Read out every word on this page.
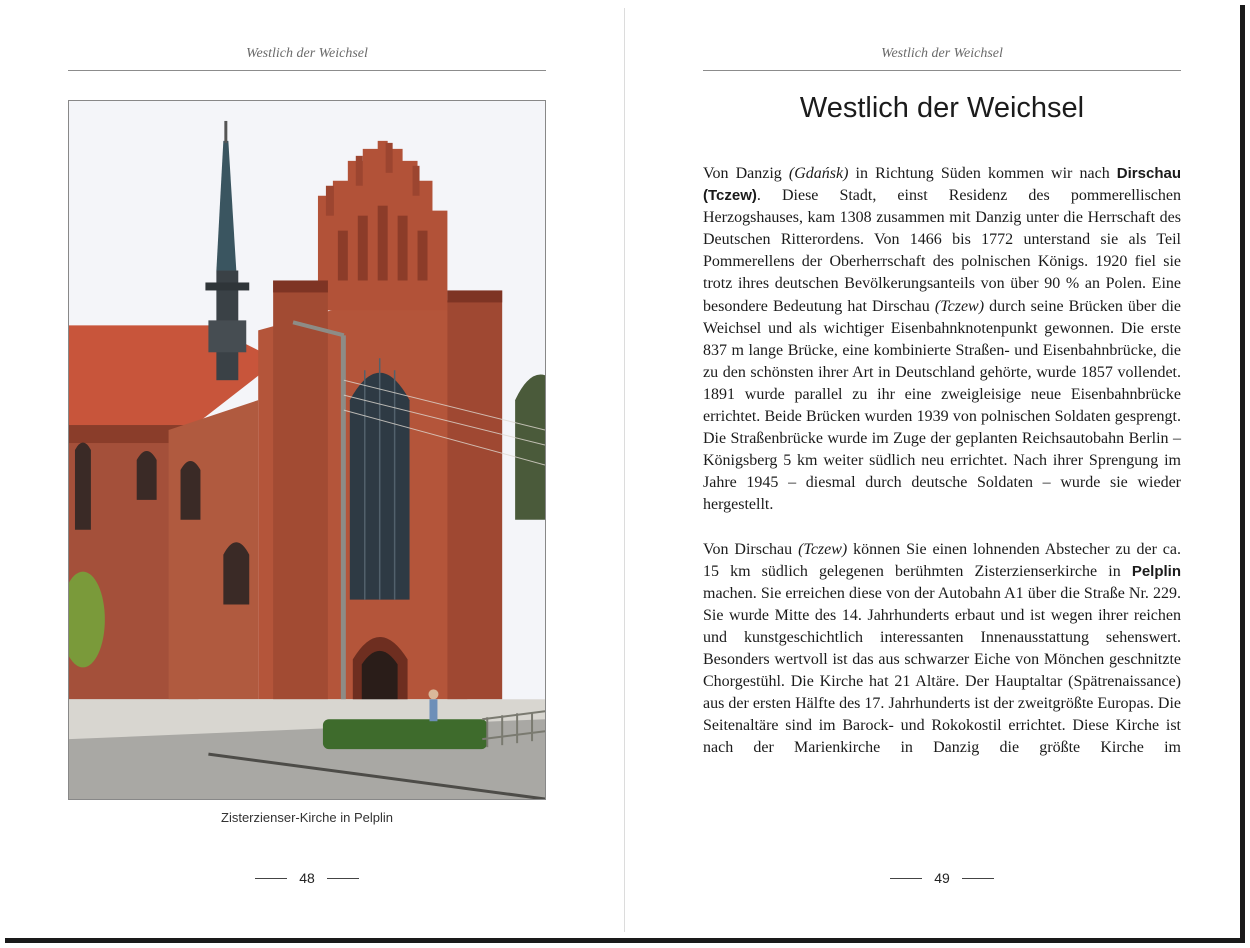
Westlich der Weichsel
Zisterzienser-Kirche in Pelplin
48
Westlich der Weichsel
Westlich der Weichsel

Von Danzig (Gdańsk) in Richtung Süden kommen wir nach Dirschau (Tczew). Diese Stadt, einst Residenz des pommerellischen Herzogshauses, kam 1308 zusammen mit Danzig unter die Herrschaft des Deutschen Ritterordens. Von 1466 bis 1772 unterstand sie als Teil Pommerellens der Oberherrschaft des polnischen Königs. 1920 fiel sie trotz ihres deutschen Bevölkerungsanteils von über 90 % an Polen. Eine besondere Bedeutung hat Dirschau (Tczew) durch seine Brücken über die Weichsel und als wichtiger Eisenbahnknotenpunkt gewonnen. Die erste 837 m lange Brücke, eine kombinierte Straßen- und Eisenbahnbrücke, die zu den schönsten ihrer Art in Deutschland gehörte, wurde 1857 vollendet. 1891 wurde parallel zu ihr eine zweigleisige neue Eisenbahnbrücke errichtet. Beide Brücken wurden 1939 von polnischen Soldaten gesprengt. Die Straßenbrücke wurde im Zuge der geplanten Reichsautobahn Berlin – Königsberg 5 km weiter südlich neu errichtet. Nach ihrer Sprengung im Jahre 1945 – diesmal durch deutsche Soldaten – wurde sie wieder hergestellt.

Von Dirschau (Tczew) können Sie einen lohnenden Abstecher zu der ca. 15 km südlich gelegenen berühmten Zisterzienserkirche in Pelplin machen. Sie erreichen diese von der Autobahn A1 über die Straße Nr. 229. Sie wurde Mitte des 14. Jahrhunderts erbaut und ist wegen ihrer reichen und kunstgeschichtlich interessanten Innenausstattung sehenswert. Besonders wertvoll ist das aus schwarzer Eiche von Mönchen geschnitzte Chorgestühl. Die Kirche hat 21 Altäre. Der Hauptaltar (Spätrenaissance) aus der ersten Hälfte des 17. Jahrhunderts ist der zweitgrößte Europas. Die Seitenaltäre sind im Barock- und Rokokostil errichtet. Diese Kirche ist nach der Marienkirche in Danzig die größte Kirche im

49
